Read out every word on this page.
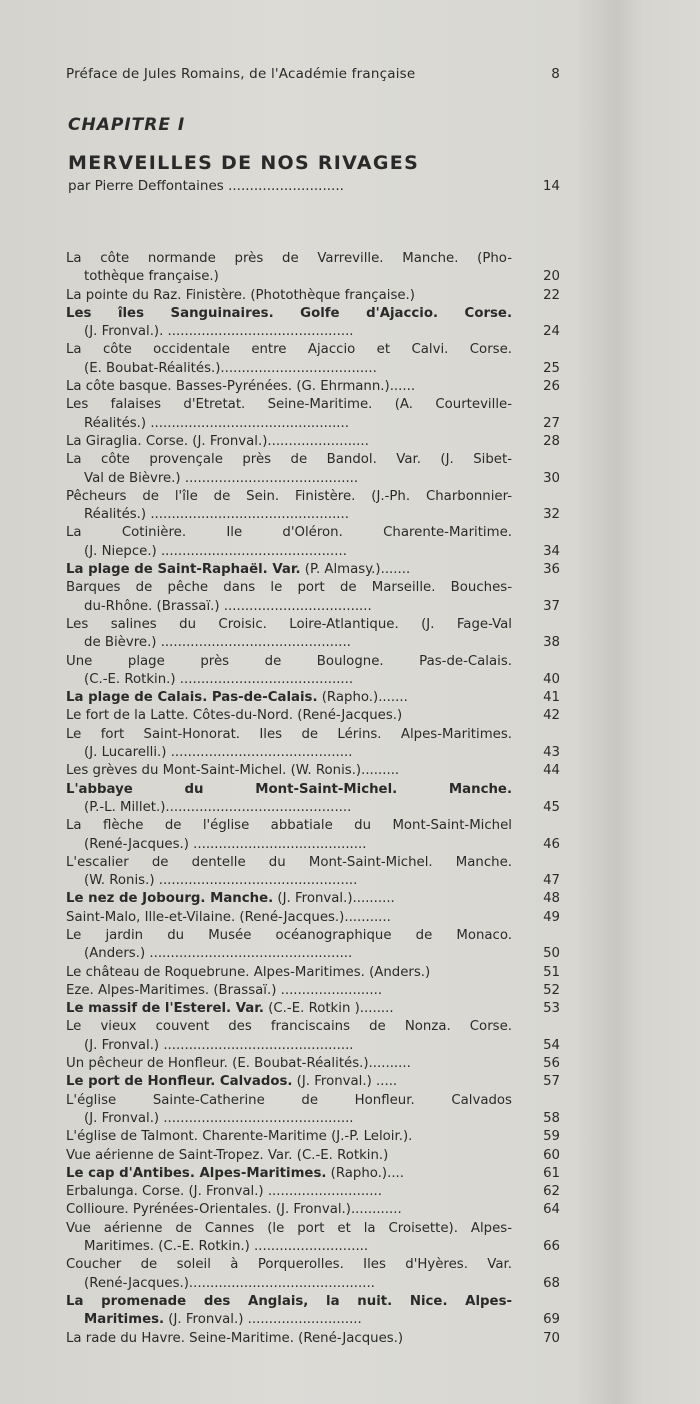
Préface de Jules Romains, de l'Académie française	8
CHAPITRE I
MERVEILLES DE NOS RIVAGES
par Pierre Deffontaines ...........................	14
La côte normande près de Varreville. Manche. (Pho-
tothèque française.)	20
La pointe du Raz. Finistère. (Photothèque française.)	22
Les îles Sanguinaires. Golfe d'Ajaccio. Corse.
(J. Fronval.). ............................................	24
La côte occidentale entre Ajaccio et Calvi. Corse.
(E. Boubat-Réalités.).....................................	25
La côte basque. Basses-Pyrénées. (G. Ehrmann.)......	26
Les falaises d'Etretat. Seine-Maritime. (A. Courteville-
Réalités.) ...............................................	27
La Giraglia. Corse. (J. Fronval.)........................	28
La côte provençale près de Bandol. Var. (J. Sibet-
Val de Bièvre.) .........................................	30
Pêcheurs de l'île de Sein. Finistère. (J.-Ph. Charbonnier-
Réalités.) ...............................................	32
La Cotinière. Ile d'Oléron. Charente-Maritime.
(J. Niepce.) ............................................	34
La plage de Saint-Raphaël. Var. (P. Almasy.).......	36
Barques de pêche dans le port de Marseille. Bouches-
du-Rhône. (Brassaï.) ...................................	37
Les salines du Croisic. Loire-Atlantique. (J. Fage-Val
de Bièvre.) .............................................	38
Une plage près de Boulogne. Pas-de-Calais.
(C.-E. Rotkin.) .........................................	40
La plage de Calais. Pas-de-Calais. (Rapho.).......	41
Le fort de la Latte. Côtes-du-Nord. (René-Jacques.)	42
Le fort Saint-Honorat. Iles de Lérins. Alpes-Maritimes.
(J. Lucarelli.) ...........................................	43
Les grèves du Mont-Saint-Michel. (W. Ronis.).........	44
L'abbaye du Mont-Saint-Michel. Manche.
(P.-L. Millet.)............................................	45
La flèche de l'église abbatiale du Mont-Saint-Michel
(René-Jacques.) .........................................	46
L'escalier de dentelle du Mont-Saint-Michel. Manche.
(W. Ronis.) ...............................................	47
Le nez de Jobourg. Manche. (J. Fronval.)..........	48
Saint-Malo, Ille-et-Vilaine. (René-Jacques.)...........	49
Le jardin du Musée océanographique de Monaco.
(Anders.) ................................................	50
Le château de Roquebrune. Alpes-Maritimes. (Anders.)	51
Eze. Alpes-Maritimes. (Brassaï.) ........................	52
Le massif de l'Esterel. Var. (C.-E. Rotkin )........	53
Le vieux couvent des franciscains de Nonza. Corse.
(J. Fronval.) .............................................	54
Un pêcheur de Honfleur. (E. Boubat-Réalités.)..........	56
Le port de Honfleur. Calvados. (J. Fronval.) .....	57
L'église Sainte-Catherine de Honfleur. Calvados
(J. Fronval.) .............................................	58
L'église de Talmont. Charente-Maritime (J.-P. Leloir.).	59
Vue aérienne de Saint-Tropez. Var. (C.-E. Rotkin.)	60
Le cap d'Antibes. Alpes-Maritimes. (Rapho.)....	61
Erbalunga. Corse. (J. Fronval.) ...........................	62
Collioure. Pyrénées-Orientales. (J. Fronval.)............	64
Vue aérienne de Cannes (le port et la Croisette). Alpes-
Maritimes. (C.-E. Rotkin.) ...........................	66
Coucher de soleil à Porquerolles. Iles d'Hyères. Var.
(René-Jacques.)............................................	68
La promenade des Anglais, la nuit. Nice. Alpes-
Maritimes. (J. Fronval.) ...........................	69
La rade du Havre. Seine-Maritime. (René-Jacques.)	70
